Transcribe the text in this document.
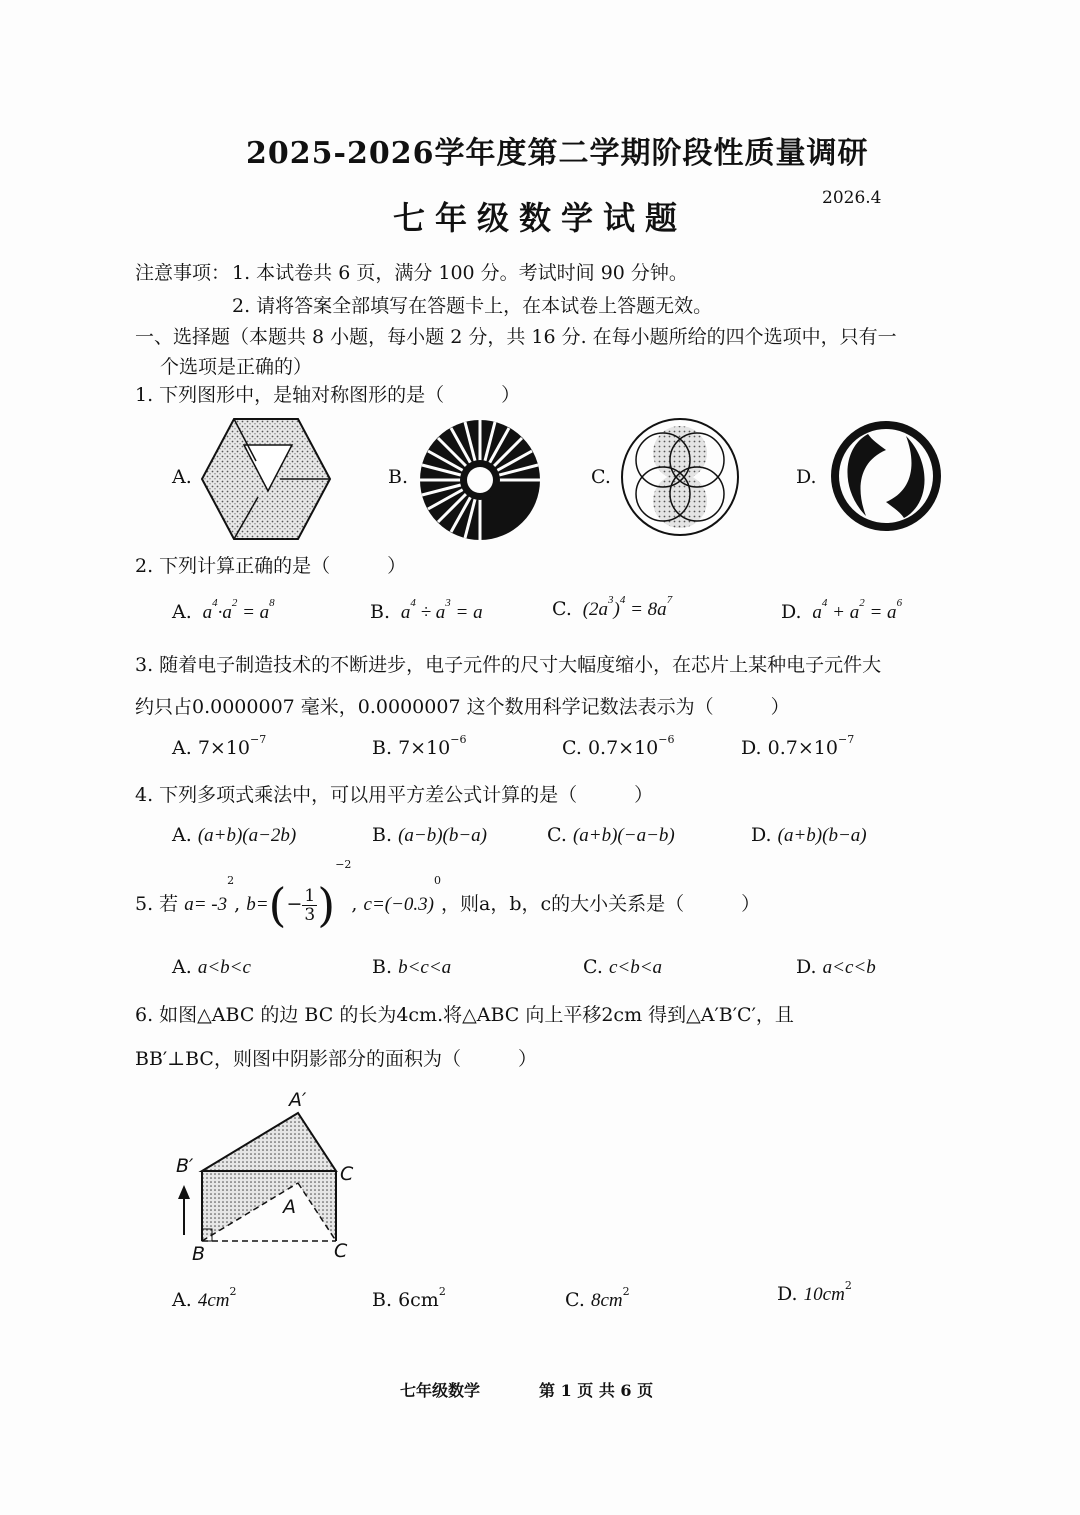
2025-2026学年度第二学期阶段性质量调研
七年级数学试题
2026.4
注意事项： 1. 本试卷共 6 页，满分 100 分。考试时间 90 分钟。
2. 请将答案全部填写在答题卡上，在本试卷上答题无效。
一、选择题（本题共 8 小题，每小题 2 分，共 16 分. 在每小题所给的四个选项中，只有一
个选项是正确的）
1. 下列图形中，是轴对称图形的是（　　　）
A.	B.	C.	D.
2. 下列计算正确的是（　　　）
A.  $a^4\cdot a^2 = a^8$	B.  $a^4 \div a^3 = a$	C.  $(2a^3)^4 = 8a^7$
D.  $a^4 + a^2 = a^6$
3. 随着电子制造技术的不断进步，电子元件的尺寸大幅度缩小，在芯片上某种电子元件大
约只占0.0000007 毫米，0.0000007 这个数用科学记数法表示为（　　　）
A. $7\times 10^{-7}$	B. $7\times 10^{-6}$	C. $0.7\times 10^{-6}$	D. $0.7\times 10^{-7}$
4. 下列多项式乘法中，可以用平方差公式计算的是（　　　）
A. (a+b)(a−2b)	B. (a−b)(b−a)	C. (a+b)(−a−b)	D. (a+b)(b−a)
5. 若 $a= -3^2$, $b=(- \frac{1}{3} )^{-2}$, $c=(-0.3)^0$，则a，b，c的大小关系是（　　　）
A. a<b<c	B. b<c<a	C. c<b<a	D. a<c<b
6. 如图△ABC 的边 BC 的长为4cm.将△ABC 向上平移2cm 得到△A′B′C′，且
BB′⊥BC，则图中阴影部分的面积为（　　　）
A′
B′	C
A
B	C
A. $4cm^2$	B. $6cm^2$	C. $8cm^2$	D. $10cm^2$
七年级数学	第 1 页 共 6 页
